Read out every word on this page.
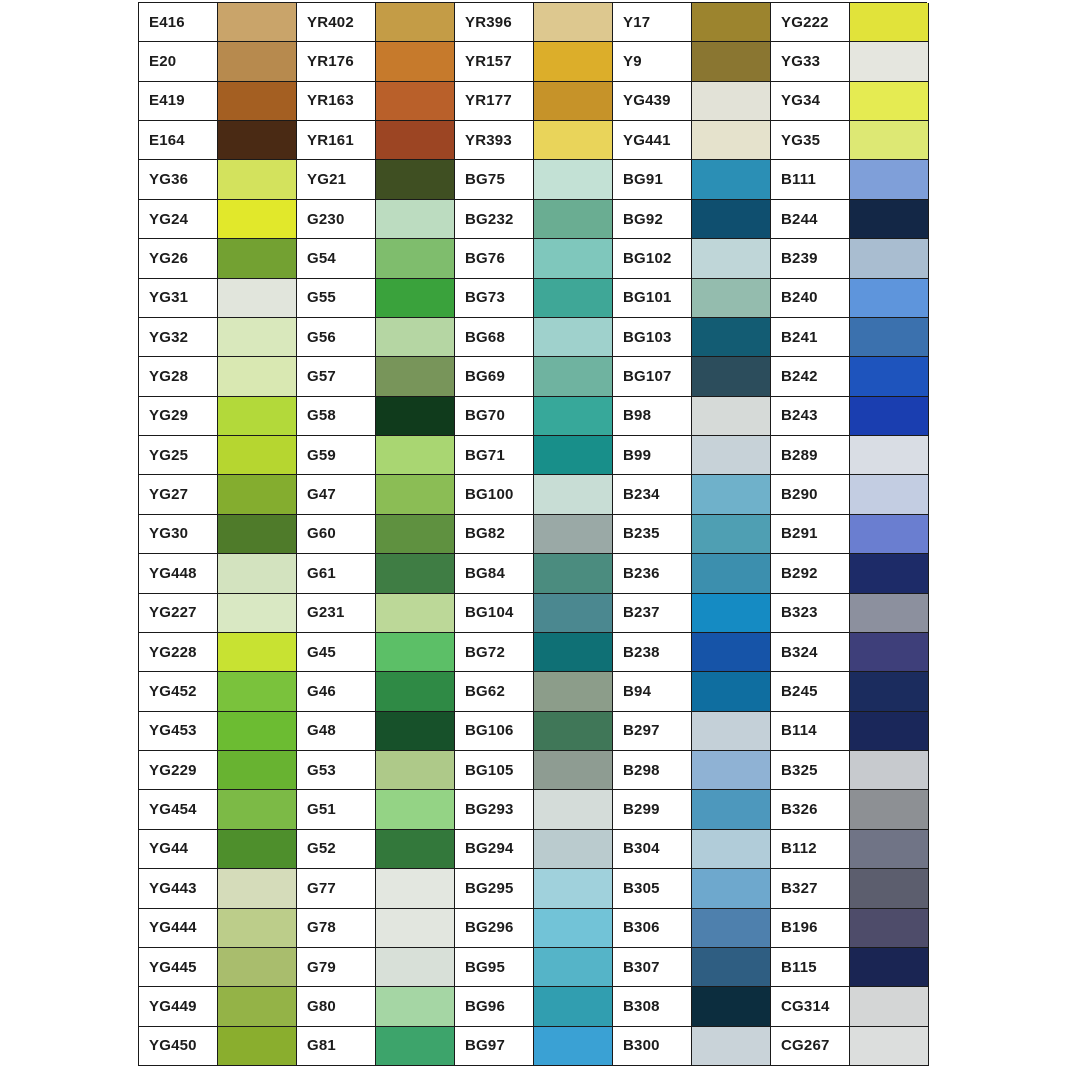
E416	YR402	YR396	Y17	YG222
E20	YR176	YR157	Y9	YG33
E419	YR163	YR177	YG439	YG34
E164	YR161	YR393	YG441	YG35
YG36	YG21	BG75	BG91	B111
YG24	G230	BG232	BG92	B244
YG26	G54	BG76	BG102	B239
YG31	G55	BG73	BG101	B240
YG32	G56	BG68	BG103	B241
YG28	G57	BG69	BG107	B242
YG29	G58	BG70	B98	B243
YG25	G59	BG71	B99	B289
YG27	G47	BG100	B234	B290
YG30	G60	BG82	B235	B291
YG448	G61	BG84	B236	B292
YG227	G231	BG104	B237	B323
YG228	G45	BG72	B238	B324
YG452	G46	BG62	B94	B245
YG453	G48	BG106	B297	B114
YG229	G53	BG105	B298	B325
YG454	G51	BG293	B299	B326
YG44	G52	BG294	B304	B112
YG443	G77	BG295	B305	B327
YG444	G78	BG296	B306	B196
YG445	G79	BG95	B307	B115
YG449	G80	BG96	B308	CG314
YG450	G81	BG97	B300	CG267
